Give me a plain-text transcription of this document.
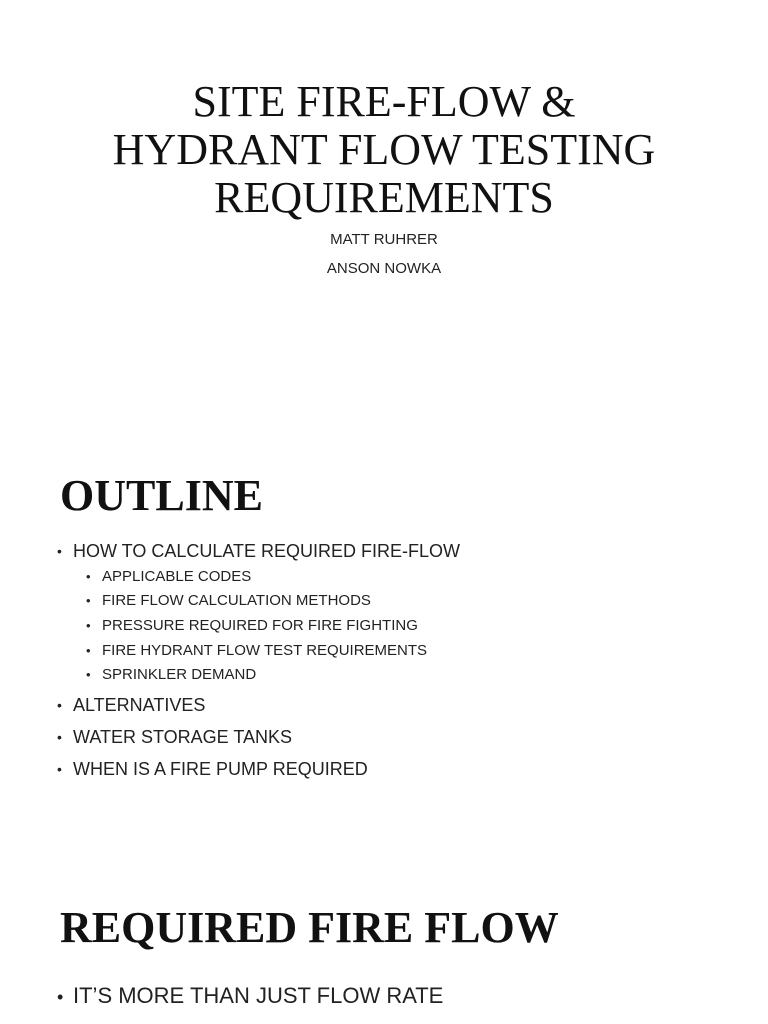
SITE FIRE-FLOW &
HYDRANT FLOW TESTING
REQUIREMENTS
MATT RUHRER
ANSON NOWKA
OUTLINE
• HOW TO CALCULATE REQUIRED FIRE-FLOW
• APPLICABLE CODES
• FIRE FLOW CALCULATION METHODS
• PRESSURE REQUIRED FOR FIRE FIGHTING
• FIRE HYDRANT FLOW TEST REQUIREMENTS
• SPRINKLER DEMAND
• ALTERNATIVES
• WATER STORAGE TANKS
• WHEN IS A FIRE PUMP REQUIRED
REQUIRED FIRE FLOW
• IT’S MORE THAN JUST FLOW RATE
